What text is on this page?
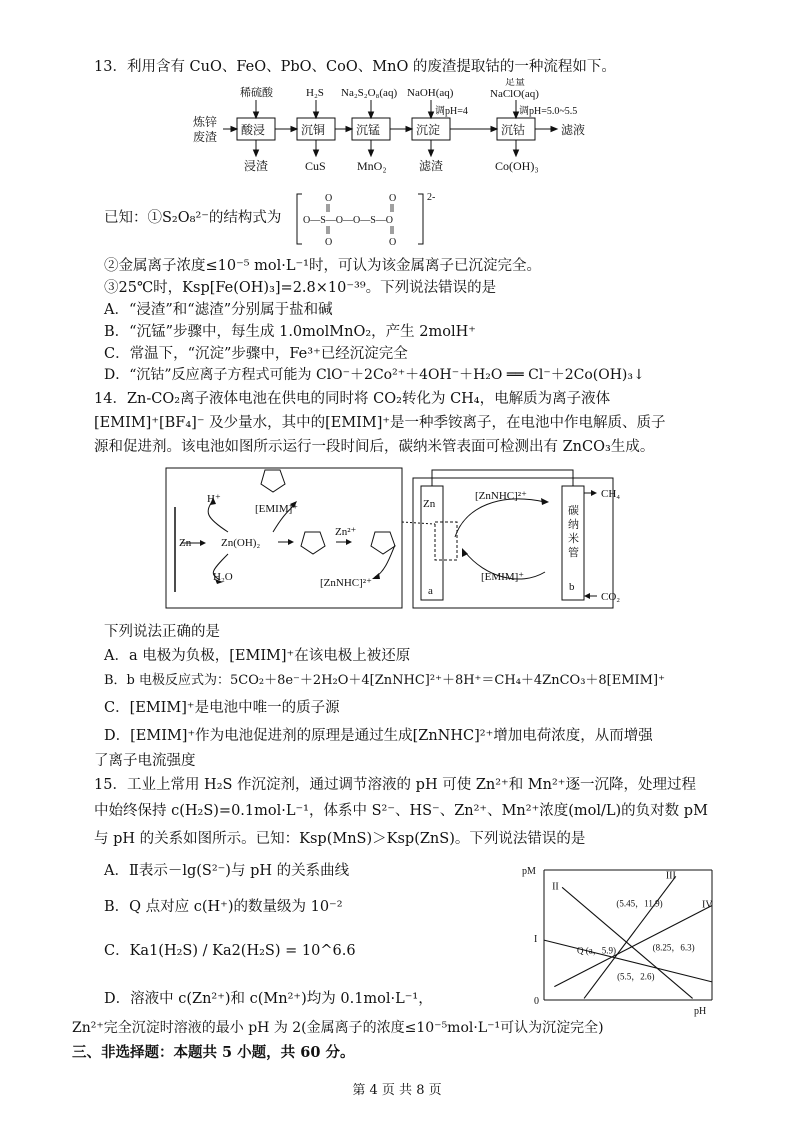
13．利用含有 CuO、FeO、PbO、CoO、MnO 的废渣提取钴的一种流程如下。
炼锌
废渣 酸浸	沉铜	沉锰	沉淀	沉钴
稀硫酸	H₂S Na₂S₂O₈(aq) NaOH(aq)
足量
NaClO(aq)
调pH=4	调pH=5.0~5.5
浸渣	CuS	MnO₂	滤渣	Co(OH)₃
滤液
已知：①S₂O₈²⁻的结构式为 O—S—O—O—S—O
O
O
O
O
2-
②金属离子浓度≤10⁻⁵ mol·L⁻¹时，可认为该金属离子已沉淀完全。
③25℃时，Ksp[Fe(OH)₃]=2.8×10⁻³⁹。下列说法错误的是
A．“浸渣”和“滤渣”分别属于盐和碱
B．“沉锰”步骤中，每生成 1.0molMnO₂，产生 2molH⁺
C．常温下，“沉淀”步骤中，Fe³⁺已经沉淀完全
D．“沉钴”反应离子方程式可能为 ClO⁻＋2Co²⁺＋4OH⁻＋H₂O ══ Cl⁻＋2Co(OH)₃↓
14．Zn-CO₂离子液体电池在供电的同时将 CO₂转化为 CH₄，电解质为离子液体
[EMIM]⁺[BF₄]⁻ 及少量水，其中的[EMIM]⁺是一种季铵离子，在电池中作电解质、质子
源和促进剂。该电池如图所示运行一段时间后，碳纳米管表面可检测出有 ZnCO₃生成。
[EMIM]⁺
H⁺
Zn	Zn(OH)₂
H₂O
Zn²⁺
[ZnNHC]²⁺
Zn
[ZnNHC]²⁺
[EMIM]⁺
碳
纳
米
管
CH₄
CO₂
a	b
下列说法正确的是
A．a 电极为负极，[EMIM]⁺在该电极上被还原
B．b 电极反应式为：5CO₂＋8e⁻＋2H₂O＋4[ZnNHC]²⁺＋8H⁺＝CH₄＋4ZnCO₃＋8[EMIM]⁺
C．[EMIM]⁺是电池中唯一的质子源
D．[EMIM]⁺作为电池促进剂的原理是通过生成[ZnNHC]²⁺增加电荷浓度，从而增强
了离子电流强度
15．工业上常用 H₂S 作沉淀剂，通过调节溶液的 pH 可使 Zn²⁺和 Mn²⁺逐一沉降，处理过程
中始终保持 c(H₂S)=0.1mol·L⁻¹，体系中 S²⁻、HS⁻、Zn²⁺、Mn²⁺浓度(mol/L)的负对数 pM
与 pH 的关系如图所示。已知：Ksp(MnS)＞Ksp(ZnS)。下列说法错误的是
A．Ⅱ表示－lg(S²⁻)与 pH 的关系曲线
B．Q 点对应 c(H⁺)的数量级为 10⁻²
C．Ka1(H₂S) / Ka2(H₂S) = 10^6.6
D．溶液中 c(Zn²⁺)和 c(Mn²⁺)均为 0.1mol·L⁻¹，
Zn²⁺完全沉淀时溶液的最小 pH 为 2(金属离子的浓度≤10⁻⁵mol·L⁻¹可认为沉淀完全)
I
II
III
IV
(5.45，11.9)
(8.25，6.3)
Q (a，5.9)
(5.5，2.6)
pM
pH
0
三、非选择题：本题共 5 小题，共 60 分。
第 4 页 共 8 页
